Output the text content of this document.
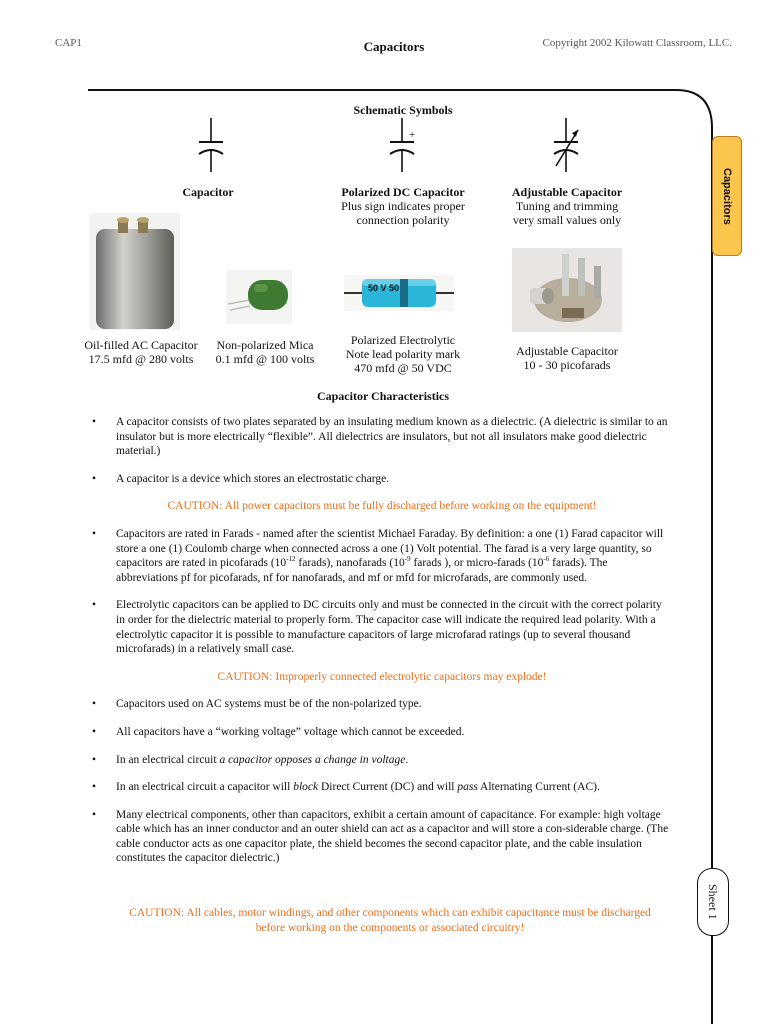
CAP1	Capacitors	Copyright 2002 Kilowatt Classroom, LLC.
Capacitors
Sheet 1
Schematic Symbols
+
Capacitor	Polarized DC Capacitor
Plus sign indicates proper
connection polarity
Adjustable Capacitor
Tuning and trimming
very small values only
50 V 50
Oil-filled AC Capacitor
17.5 mfd @ 280 volts
Non-polarized Mica
0.1 mfd @ 100 volts
Polarized Electrolytic
Note lead polarity mark
470 mfd @ 50 VDC
Adjustable Capacitor
10 - 30 picofarads
Capacitor Characteristics
• A capacitor consists of two plates separated by an insulating medium known as a dielectric. (A dielectric is similar to an insulator but is more electrically “flexible”. All dielectrics are insulators, but not all insulators make good dielectric material.)
• A capacitor is a device which stores an electrostatic charge.
CAUTION: All power capacitors must be fully discharged before working on the equipment!
• Capacitors are rated in Farads - named after the scientist Michael Faraday. By definition: a one (1) Farad capacitor will store a one (1) Coulomb charge when connected across a one (1) Volt potential. The farad is a very large quantity, so capacitors are rated in picofarads ($10^{-12}$ farads), nanofarads ($10^{-9}$ farads ), or micro-farads ($10^{-6}$ farads). The abbreviations pf for picofarads, nf for nanofarads, and mf or mfd for microfarads, are commonly used.
• Electrolytic capacitors can be applied to DC circuits only and must be connected in the circuit with the correct polarity in order for the dielectric material to properly form. The capacitor case will indicate the required lead polarity. With a electrolytic capacitor it is possible to manufacture capacitors of large microfarad ratings (up to several thousand microfarads) in a relatively small case.
CAUTION: Improperly connected electrolytic capacitors may explode!
• Capacitors used on AC systems must be of the non-polarized type.
• All capacitors have a “working voltage” voltage which cannot be exceeded.
• In an electrical circuit a capacitor opposes a change in voltage.
• In an electrical circuit a capacitor will block Direct Current (DC) and will pass Alternating Current (AC).
• Many electrical components, other than capacitors, exhibit a certain amount of capacitance. For example: high voltage cable which has an inner conductor and an outer shield can act as a capacitor and will store a con-siderable charge. (The cable conductor acts as one capacitor plate, the shield becomes the second capacitor plate, and the cable insulation constitutes the capacitor dielectric.)
CAUTION: All cables, motor windings, and other components which can exhibit capacitance must be discharged
before working on the components or associated circuitry!
